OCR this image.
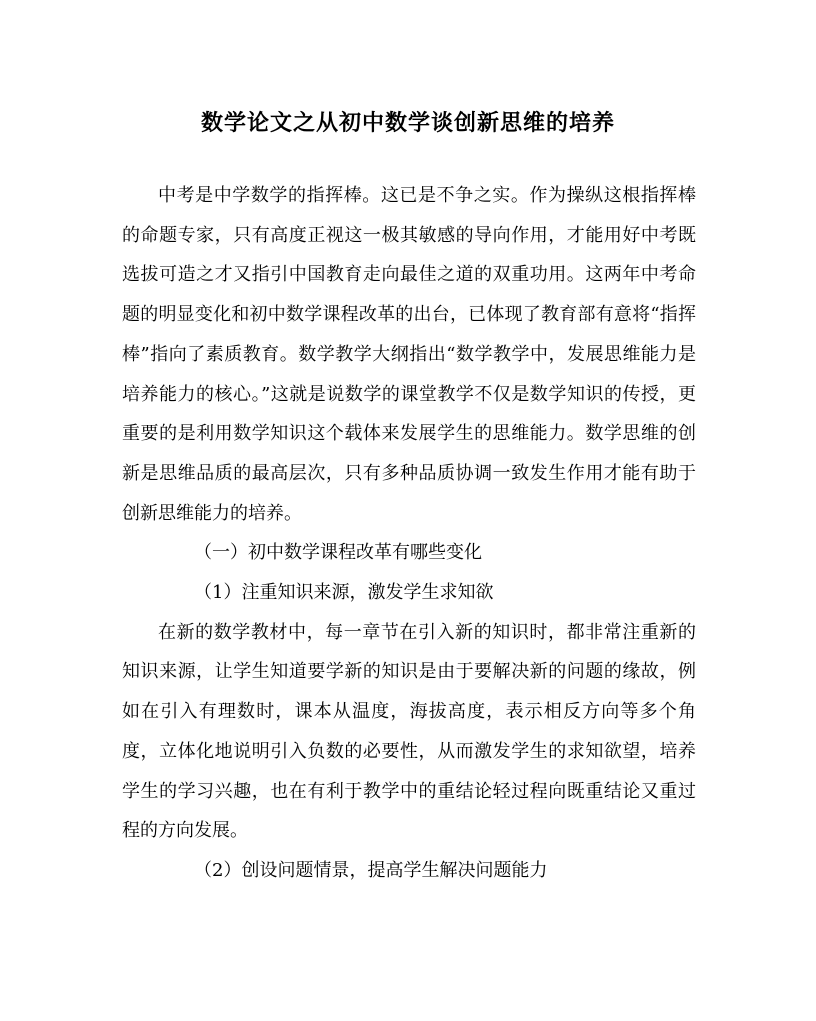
数学论文之从初中数学谈创新思维的培养

中考是中学数学的指挥棒。这已是不争之实。作为操纵这根指挥棒的命题专家，只有高度正视这一极其敏感的导向作用，才能用好中考既选拔可造之才又指引中国教育走向最佳之道的双重功用。这两年中考命题的明显变化和初中数学课程改革的出台，已体现了教育部有意将“指挥棒”指向了素质教育。数学教学大纲指出“数学教学中，发展思维能力是培养能力的核心。”这就是说数学的课堂教学不仅是数学知识的传授，更重要的是利用数学知识这个载体来发展学生的思维能力。数学思维的创新是思维品质的最高层次，只有多种品质协调一致发生作用才能有助于创新思维能力的培养。

（一）初中数学课程改革有哪些变化

（1）注重知识来源，激发学生求知欲

在新的数学教材中，每一章节在引入新的知识时，都非常注重新的知识来源，让学生知道要学新的知识是由于要解决新的问题的缘故，例如在引入有理数时，课本从温度，海拔高度，表示相反方向等多个角度，立体化地说明引入负数的必要性，从而激发学生的求知欲望，培养学生的学习兴趣，也在有利于教学中的重结论轻过程向既重结论又重过程的方向发展。

（2）创设问题情景，提高学生解决问题能力
